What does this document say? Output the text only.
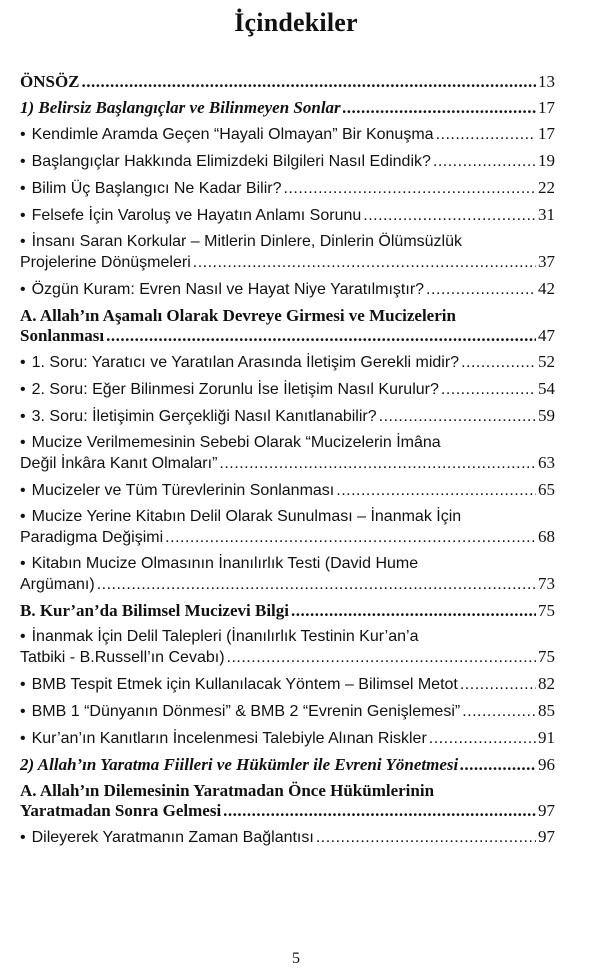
İçindekiler
ÖNSÖZ .....	13
1) Belirsiz Başlangıçlar ve Bilinmeyen Sonlar .....	17
• Kendimle Aramda Geçen “Hayali Olmayan” Bir Konuşma .....	17
• Başlangıçlar Hakkında Elimizdeki Bilgileri Nasıl Edindik? .....	19
• Bilim Üç Başlangıcı Ne Kadar Bilir? .....	22
• Felsefe İçin Varoluş ve Hayatın Anlamı Sorunu .....	31
• İnsanı Saran Korkular – Mitlerin Dinlere, Dinlerin Ölümsüzlük
Projelerine Dönüşmeleri .....	37
• Özgün Kuram: Evren Nasıl ve Hayat Niye Yaratılmıştır? .....	42
A. Allah’ın Aşamalı Olarak Devreye Girmesi ve Mucizelerin
Sonlanması .....	47
• 1. Soru: Yaratıcı ve Yaratılan Arasında İletişim Gerekli midir? .....	52
• 2. Soru: Eğer Bilinmesi Zorunlu İse İletişim Nasıl Kurulur? .....	54
• 3. Soru: İletişimin Gerçekliği Nasıl Kanıtlanabilir? .....	59
• Mucize Verilmemesinin Sebebi Olarak “Mucizelerin İmâna
Değil İnkâra Kanıt Olmaları” .....	63
• Mucizeler ve Tüm Türevlerinin Sonlanması .....	65
• Mucize Yerine Kitabın Delil Olarak Sunulması – İnanmak İçin
Paradigma Değişimi .....	68
• Kitabın Mucize Olmasının İnanılırlık Testi (David Hume
Argümanı) .....	73
B. Kur’an’da Bilimsel Mucizevi Bilgi .....	75
• İnanmak İçin Delil Talepleri (İnanılırlık Testinin Kur’an’a
Tatbiki - B.Russell’ın Cevabı) .....	75
• BMB Tespit Etmek için Kullanılacak Yöntem – Bilimsel Metot .....	82
• BMB 1 “Dünyanın Dönmesi” & BMB 2 “Evrenin Genişlemesi” .....	85
• Kur’an’ın Kanıtların İncelenmesi Talebiyle Alınan Riskler .....	91
2) Allah’ın Yaratma Fiilleri ve Hükümler ile Evreni Yönetmesi .....	96
A. Allah’ın Dilemesinin Yaratmadan Önce Hükümlerinin
Yaratmadan Sonra Gelmesi .....	97
• Dileyerek Yaratmanın Zaman Bağlantısı .....	97
5
